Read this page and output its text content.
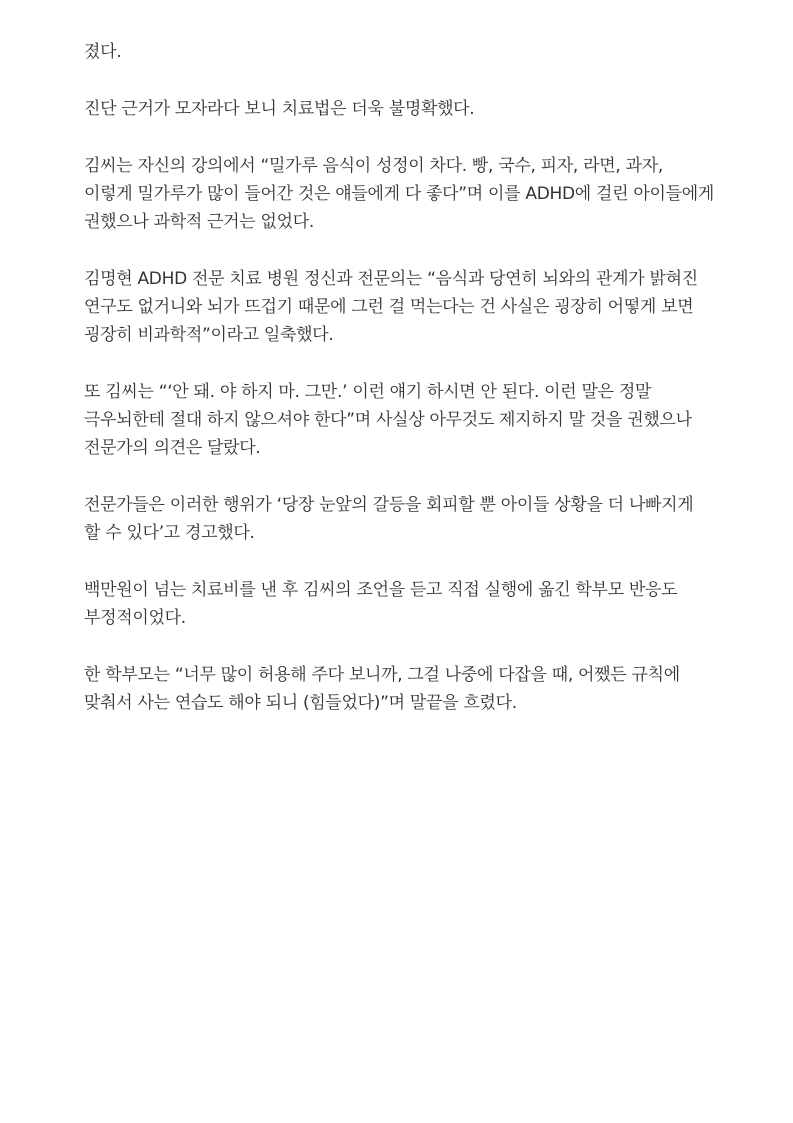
졌다.

진단 근거가 모자라다 보니 치료법은 더욱 불명확했다.

김씨는 자신의 강의에서 “밀가루 음식이 성정이 차다. 빵, 국수, 피자, 라면, 과자, 이렇게 밀가루가 많이 들어간 것은 얘들에게 다 좋다”며 이를 ADHD에 걸린 아이들에게 권했으나 과학적 근거는 없었다.

김명현 ADHD 전문 치료 병원 정신과 전문의는 “음식과 당연히 뇌와의 관계가 밝혀진 연구도 없거니와 뇌가 뜨겁기 때문에 그런 걸 먹는다는 건 사실은 굉장히 어떻게 보면 굉장히 비과학적”이라고 일축했다.

또 김씨는 “‘안 돼. 야 하지 마. 그만.’ 이런 얘기 하시면 안 된다. 이런 말은 정말 극우뇌한테 절대 하지 않으셔야 한다”며 사실상 아무것도 제지하지 말 것을 권했으나 전문가의 의견은 달랐다.

전문가들은 이러한 행위가 ‘당장 눈앞의 갈등을 회피할 뿐 아이들 상황을 더 나빠지게 할 수 있다’고 경고했다.

백만원이 넘는 치료비를 낸 후 김씨의 조언을 듣고 직접 실행에 옮긴 학부모 반응도 부정적이었다.

한 학부모는 “너무 많이 허용해 주다 보니까, 그걸 나중에 다잡을 때, 어쨌든 규칙에 맞춰서 사는 연습도 해야 되니 (힘들었다)”며 말끝을 흐렸다.
